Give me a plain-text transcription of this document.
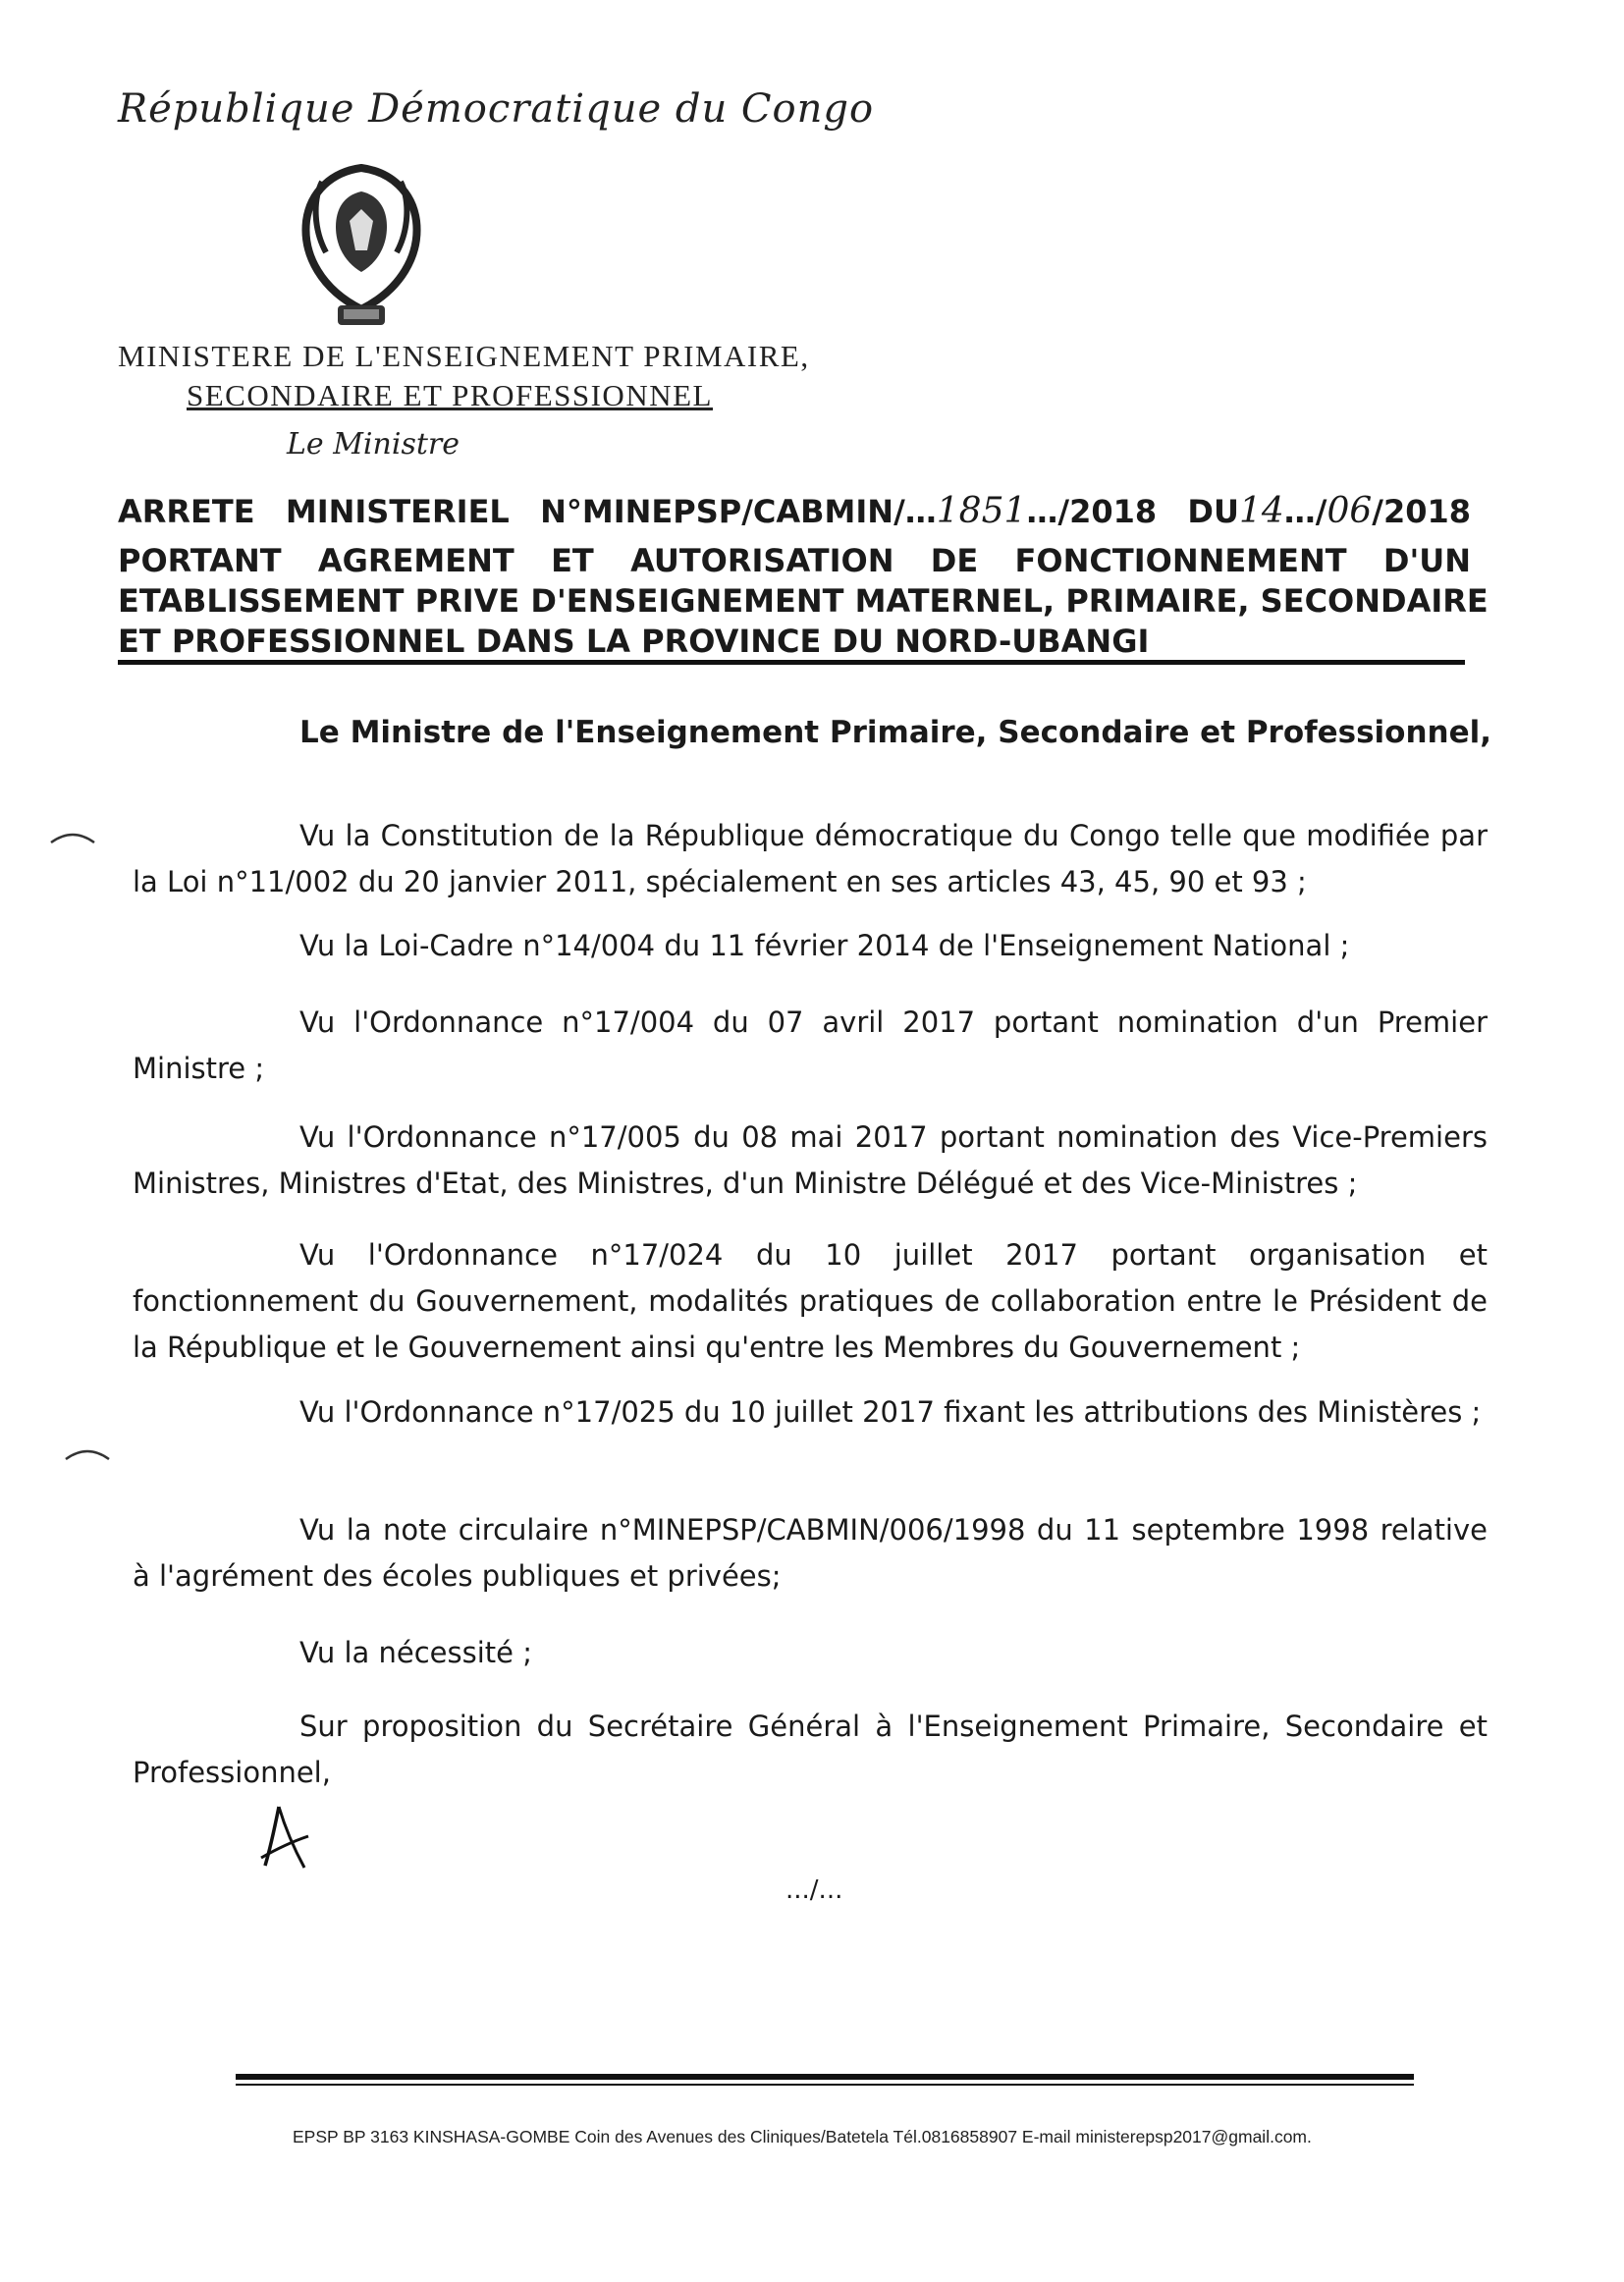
République Démocratique du Congo
MINISTERE DE L'ENSEIGNEMENT PRIMAIRE,
SECONDAIRE ET PROFESSIONNEL
Le Ministre
ARRETE MINISTERIEL N°MINEPSP/CABMIN/…1851…/2018 DU14…/06/2018
PORTANT AGREMENT ET AUTORISATION DE FONCTIONNEMENT D'UN
ETABLISSEMENT PRIVE D'ENSEIGNEMENT MATERNEL, PRIMAIRE, SECONDAIRE
ET PROFESSIONNEL DANS LA PROVINCE DU NORD-UBANGI
Le Ministre de l'Enseignement Primaire, Secondaire et Professionnel,
Vu la Constitution de la République démocratique du Congo telle que modifiée par la Loi n°11/002 du 20 janvier 2011, spécialement en ses articles 43, 45, 90 et 93 ;
Vu la Loi-Cadre n°14/004 du 11 février 2014 de l'Enseignement National ;
Vu l'Ordonnance n°17/004 du 07 avril 2017 portant nomination d'un Premier Ministre ;
Vu l'Ordonnance n°17/005 du 08 mai 2017 portant nomination des Vice-Premiers Ministres, Ministres d'Etat, des Ministres, d'un Ministre Délégué et des Vice-Ministres ;
Vu l'Ordonnance n°17/024 du 10 juillet 2017 portant organisation et fonctionnement du Gouvernement, modalités pratiques de collaboration entre le Président de la République et le Gouvernement ainsi qu'entre les Membres du Gouvernement ;
Vu l'Ordonnance n°17/025 du 10 juillet 2017 fixant les attributions des Ministères ;
Vu la note circulaire n°MINEPSP/CABMIN/006/1998 du 11 septembre 1998 relative à l'agrément des écoles publiques et privées;
Vu la nécessité ;
Sur proposition du Secrétaire Général à l'Enseignement Primaire, Secondaire et Professionnel,
.../...
EPSP BP 3163 KINSHASA-GOMBE Coin des Avenues des Cliniques/Batetela Tél.0816858907 E-mail ministerepsp2017@gmail.com.
